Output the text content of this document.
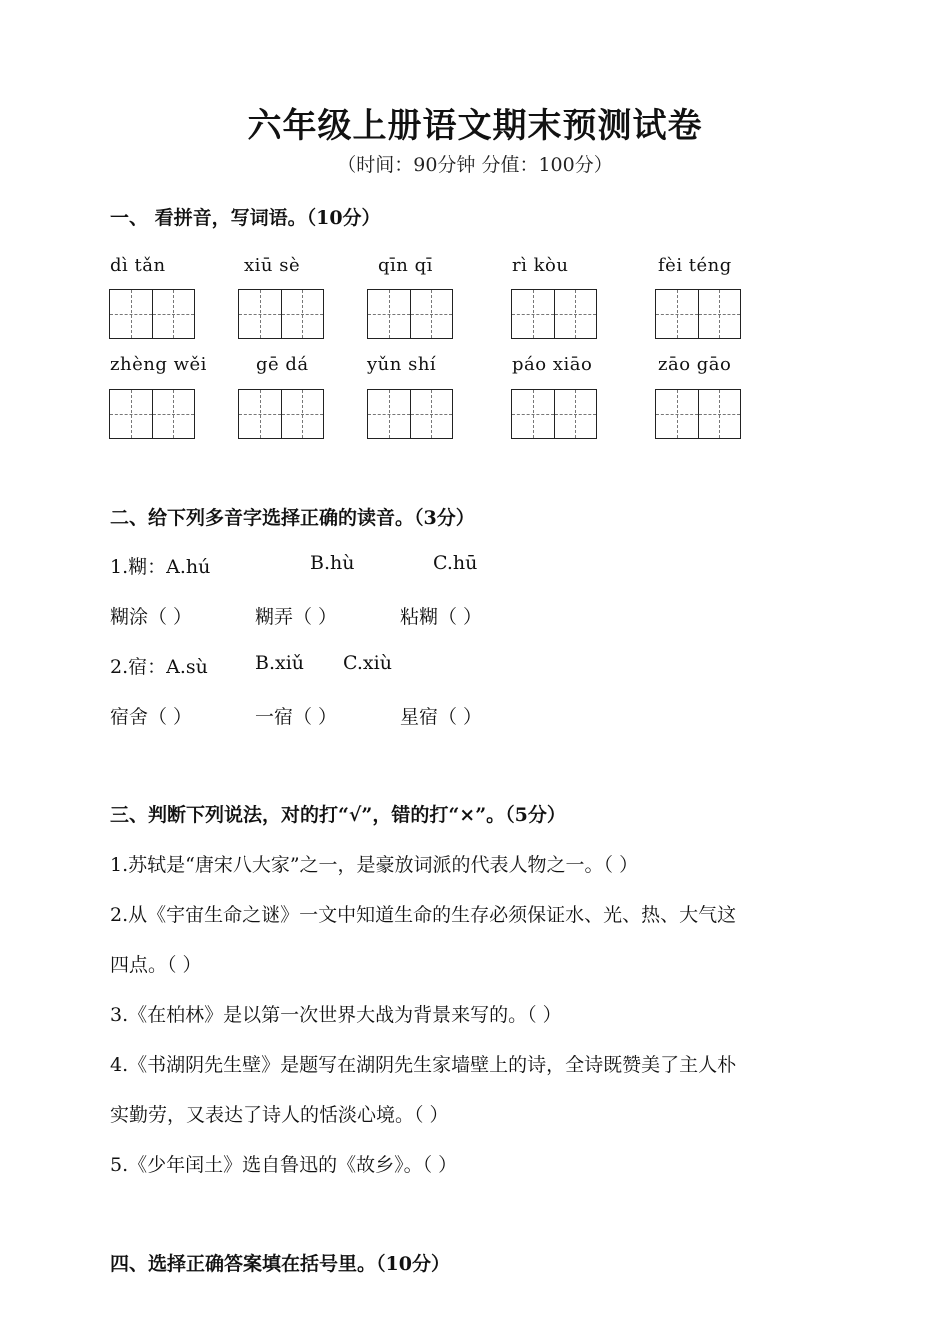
六年级上册语文期末预测试卷
（时间：90分钟 分值：100分）
一、 看拼音，写词语。（10分）
dì tǎn	xiū sè	qīn qī	rì kòu	fèi téng
zhèng wěi	gē dá	yǔn shí	páo xiāo	zāo gāo
二、给下列多音字选择正确的读音。（3分）
1.糊：A.hú	B.hù	C.hū
糊涂（ ）	糊弄（ ）	粘糊（ ）
2.宿：A.sù B.xiǔ C.xiù
宿舍（ ）	一宿（ ）	星宿（ ）
三、判断下列说法，对的打“√”，错的打“×”。（5分）
1.苏轼是“唐宋八大家”之一，是豪放词派的代表人物之一。（ ）
2.从《宇宙生命之谜》一文中知道生命的生存必须保证水、光、热、大气这
四点。（ ）
3.《在柏林》是以第一次世界大战为背景来写的。（ ）
4.《书湖阴先生壁》是题写在湖阴先生家墙壁上的诗，全诗既赞美了主人朴
实勤劳，又表达了诗人的恬淡心境。（ ）
5.《少年闰土》选自鲁迅的《故乡》。（ ）
四、选择正确答案填在括号里。（10分）
